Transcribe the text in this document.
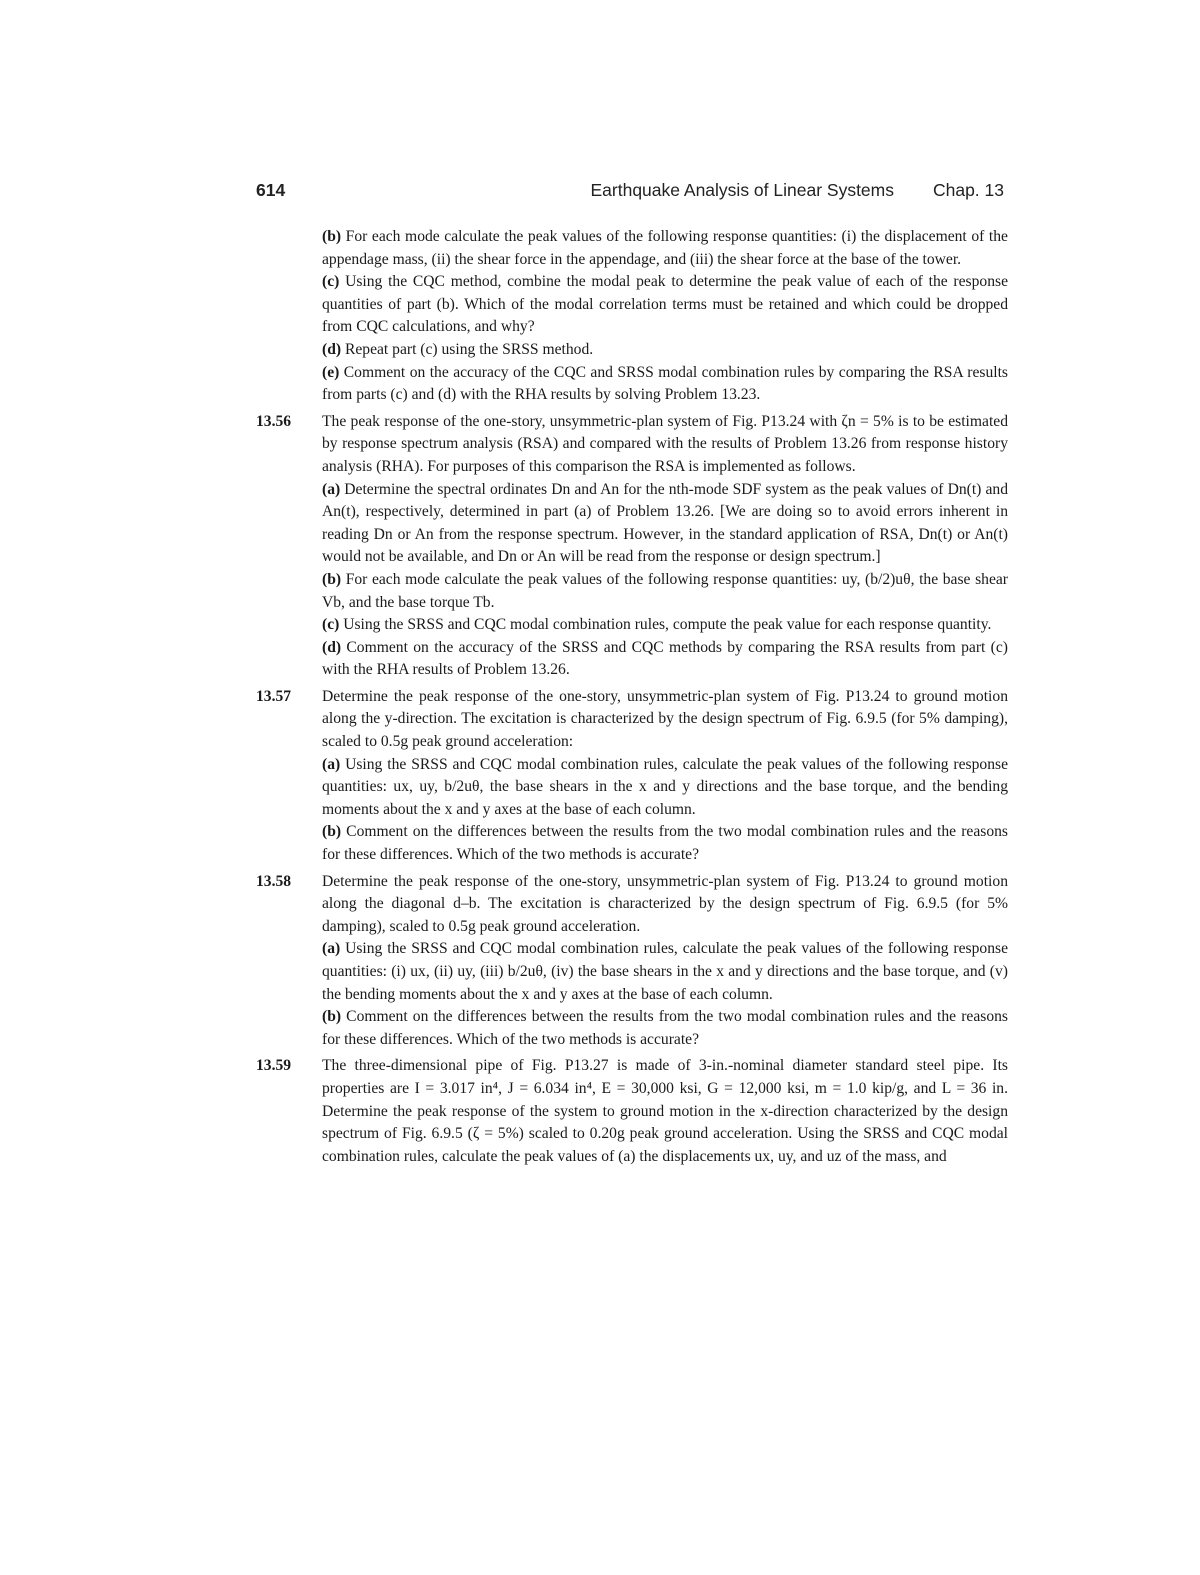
614	Earthquake Analysis of Linear Systems Chap. 13

(b) For each mode calculate the peak values of the following response quantities: (i) the displacement of the appendage mass, (ii) the shear force in the appendage, and (iii) the shear force at the base of the tower.

(c) Using the CQC method, combine the modal peak to determine the peak value of each of the response quantities of part (b). Which of the modal correlation terms must be retained and which could be dropped from CQC calculations, and why?

(d) Repeat part (c) using the SRSS method.

(e) Comment on the accuracy of the CQC and SRSS modal combination rules by comparing the RSA results from parts (c) and (d) with the RHA results by solving Problem 13.23.

13.56	The peak response of the one-story, unsymmetric-plan system of Fig. P13.24 with ζn = 5% is to be estimated by response spectrum analysis (RSA) and compared with the results of Problem 13.26 from response history analysis (RHA). For purposes of this comparison the RSA is implemented as follows.

(a) Determine the spectral ordinates Dn and An for the nth-mode SDF system as the peak values of Dn(t) and An(t), respectively, determined in part (a) of Problem 13.26. [We are doing so to avoid errors inherent in reading Dn or An from the response spectrum. However, in the standard application of RSA, Dn(t) or An(t) would not be available, and Dn or An will be read from the response or design spectrum.]

(b) For each mode calculate the peak values of the following response quantities: uy, (b/2)uθ, the base shear Vb, and the base torque Tb.

(c) Using the SRSS and CQC modal combination rules, compute the peak value for each response quantity.

(d) Comment on the accuracy of the SRSS and CQC methods by comparing the RSA results from part (c) with the RHA results of Problem 13.26.

13.57	Determine the peak response of the one-story, unsymmetric-plan system of Fig. P13.24 to ground motion along the y-direction. The excitation is characterized by the design spectrum of Fig. 6.9.5 (for 5% damping), scaled to 0.5g peak ground acceleration:

(a) Using the SRSS and CQC modal combination rules, calculate the peak values of the following response quantities: ux, uy, b/2uθ, the base shears in the x and y directions and the base torque, and the bending moments about the x and y axes at the base of each column.

(b) Comment on the differences between the results from the two modal combination rules and the reasons for these differences. Which of the two methods is accurate?

13.58	Determine the peak response of the one-story, unsymmetric-plan system of Fig. P13.24 to ground motion along the diagonal d–b. The excitation is characterized by the design spectrum of Fig. 6.9.5 (for 5% damping), scaled to 0.5g peak ground acceleration.

(a) Using the SRSS and CQC modal combination rules, calculate the peak values of the following response quantities: (i) ux, (ii) uy, (iii) b/2uθ, (iv) the base shears in the x and y directions and the base torque, and (v) the bending moments about the x and y axes at the base of each column.

(b) Comment on the differences between the results from the two modal combination rules and the reasons for these differences. Which of the two methods is accurate?

13.59	The three-dimensional pipe of Fig. P13.27 is made of 3-in.-nominal diameter standard steel pipe. Its properties are I = 3.017 in⁴, J = 6.034 in⁴, E = 30,000 ksi, G = 12,000 ksi, m = 1.0 kip/g, and L = 36 in. Determine the peak response of the system to ground motion in the x-direction characterized by the design spectrum of Fig. 6.9.5 (ζ = 5%) scaled to 0.20g peak ground acceleration. Using the SRSS and CQC modal combination rules, calculate the peak values of (a) the displacements ux, uy, and uz of the mass, and
